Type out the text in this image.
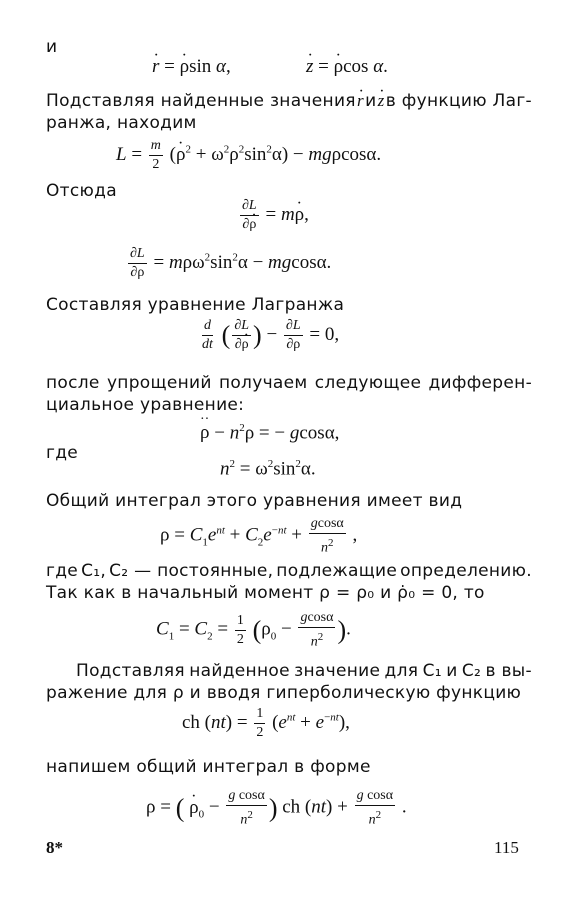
и
r · = ρ ·sin α,	z · = ρ ·cos α.
Подставляя найденные значения r · и z · в функцию Лаг-
ранжа, находим
$L = \frac{m}{2} (\rho \cdot^2 + \omega^2\rho^2\sin^2\alpha) - mg\rho\cos\alpha$.
Отсюда
$\frac{\partial L}{\partial\rho}$ · = mρ ·,
$\frac{\partial L}{\partial\rho} = m\rho\omega^2\sin^2\alpha - mgcos\alpha$.
Составляя уравнение Лагранжа
$\frac{d}{dt}$ ( $\frac{\partial L}{\partial\rho}$ · ) − $\frac{\partial L}{\partial\rho} = 0$,
после упрощений получаем следующее дифферен-
циальное уравнение:
ρ ·· − $n^2\rho$ = − gcosα,
где
$n^2 = \omega^2\sin^2\alpha$.
Общий интеграл этого уравнения имеет вид
$\rho = C_1e^{nt} + C_2e^{-nt} + \frac{gcos\alpha}{n^2}$ ,
где C₁, C₂ — постоянные, подлежащие определению.
Так как в начальный момент ρ = ρ₀ и ρ̇₀ = 0, то
$C_1 = C_2 = \frac{1}{2} (\rho_0 - \frac{gcos\alpha}{n^2}$ ).
Подставляя найденное значение для C₁ и C₂ в вы-
ражение для ρ и вводя гиперболическую функцию
ch $(nt) = \frac{1}{2} (e^{nt} + e^{-nt})$,
напишем общий интеграл в форме
ρ = ( $\rho \cdot_0 - \frac{\text{g cosα}}{n^2}$ ) ch $(nt) + \frac{\text{g cosα}}{n^2}$ .
8*	115
